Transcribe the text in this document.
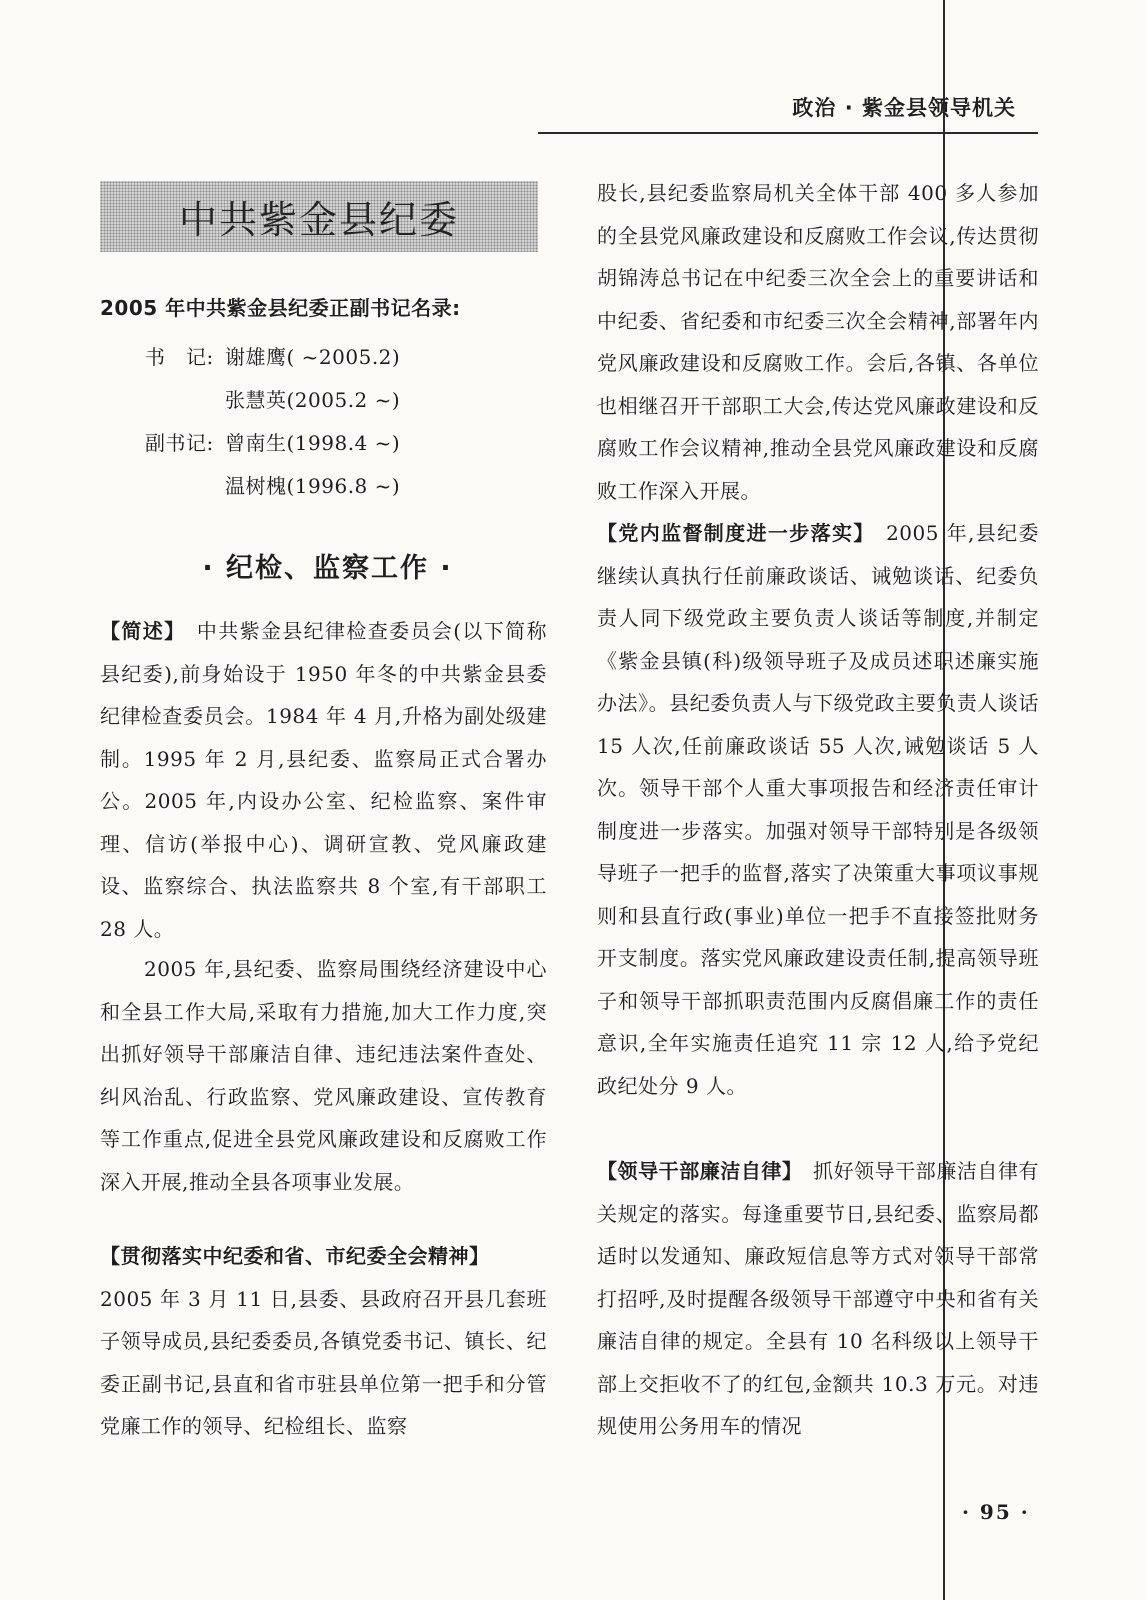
政治 · 紫金县领导机关
中共紫金县纪委
2005 年中共紫金县纪委正副书记名录:
书　记: 谢雄鹰( ~2005.2)
张慧英(2005.2 ~)
副书记: 曾南生(1998.4 ~)
温树槐(1996.8 ~)
· 纪检、监察工作 ·

【简述】　中共紫金县纪律检查委员会(以下简称县纪委),前身始设于 1950 年冬的中共紫金县委纪律检查委员会。1984 年 4 月,升格为副处级建制。1995 年 2 月,县纪委、监察局正式合署办公。2005 年,内设办公室、纪检监察、案件审理、信访(举报中心)、调研宣教、党风廉政建设、监察综合、执法监察共 8 个室,有干部职工 28 人。

2005 年,县纪委、监察局围绕经济建设中心和全县工作大局,采取有力措施,加大工作力度,突出抓好领导干部廉洁自律、违纪违法案件查处、纠风治乱、行政监察、党风廉政建设、宣传教育等工作重点,促进全县党风廉政建设和反腐败工作深入开展,推动全县各项事业发展。

【贯彻落实中纪委和省、市纪委全会精神】
2005 年 3 月 11 日,县委、县政府召开县几套班子领导成员,县纪委委员,各镇党委书记、镇长、纪委正副书记,县直和省市驻县单位第一把手和分管党廉工作的领导、纪检组长、监察

股长,县纪委监察局机关全体干部 400 多人参加的全县党风廉政建设和反腐败工作会议,传达贯彻胡锦涛总书记在中纪委三次全会上的重要讲话和中纪委、省纪委和市纪委三次全会精神,部署年内党风廉政建设和反腐败工作。会后,各镇、各单位也相继召开干部职工大会,传达党风廉政建设和反腐败工作会议精神,推动全县党风廉政建设和反腐败工作深入开展。

【党内监督制度进一步落实】　2005 年,县纪委继续认真执行任前廉政谈话、诫勉谈话、纪委负责人同下级党政主要负责人谈话等制度,并制定《紫金县镇(科)级领导班子及成员述职述廉实施办法》。县纪委负责人与下级党政主要负责人谈话 15 人次,任前廉政谈话 55 人次,诫勉谈话 5 人次。领导干部个人重大事项报告和经济责任审计制度进一步落实。加强对领导干部特别是各级领导班子一把手的监督,落实了决策重大事项议事规则和县直行政(事业)单位一把手不直接签批财务开支制度。落实党风廉政建设责任制,提高领导班子和领导干部抓职责范围内反腐倡廉工作的责任意识,全年实施责任追究 11 宗 12 人,给予党纪政纪处分 9 人。

【领导干部廉洁自律】　抓好领导干部廉洁自律有关规定的落实。每逢重要节日,县纪委、监察局都适时以发通知、廉政短信息等方式对领导干部常打招呼,及时提醒各级领导干部遵守中央和省有关廉洁自律的规定。全县有 10 名科级以上领导干部上交拒收不了的红包,金额共 10.3 万元。对违规使用公务用车的情况

· 95 ·
